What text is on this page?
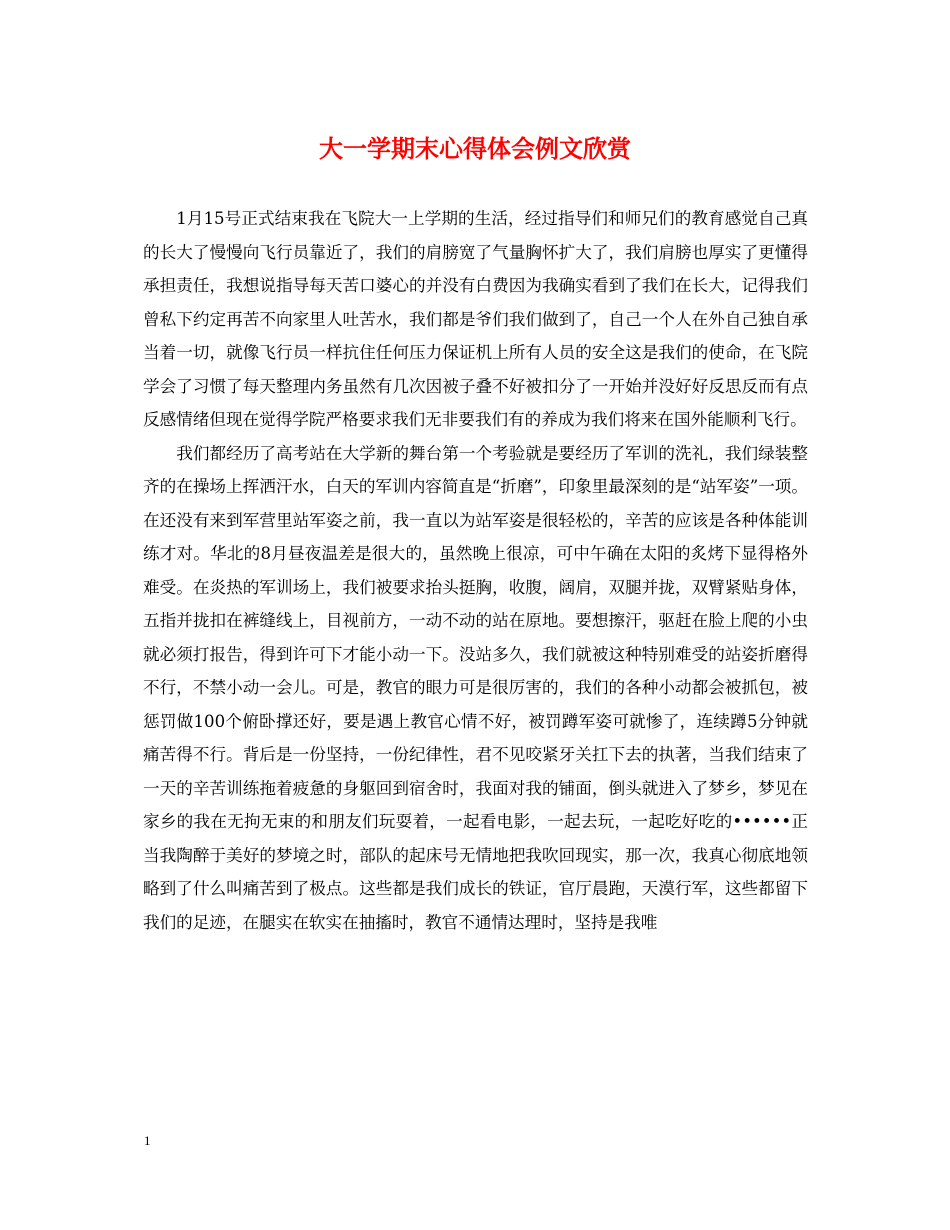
大一学期末心得体会例文欣赏

1月15号正式结束我在飞院大一上学期的生活，经过指导们和师兄们的教育感觉自己真的长大了慢慢向飞行员靠近了，我们的肩膀宽了气量胸怀扩大了，我们肩膀也厚实了更懂得承担责任，我想说指导每天苦口婆心的并没有白费因为我确实看到了我们在长大，记得我们曾私下约定再苦不向家里人吐苦水，我们都是爷们我们做到了，自己一个人在外自己独自承当着一切，就像飞行员一样抗住任何压力保证机上所有人员的安全这是我们的使命，在飞院学会了习惯了每天整理内务虽然有几次因被子叠不好被扣分了一开始并没好好反思反而有点反感情绪但现在觉得学院严格要求我们无非要我们有的养成为我们将来在国外能顺利飞行。

我们都经历了高考站在大学新的舞台第一个考验就是要经历了军训的洗礼，我们绿装整齐的在操场上挥洒汗水，白天的军训内容简直是“折磨”，印象里最深刻的是“站军姿”一项。在还没有来到军营里站军姿之前，我一直以为站军姿是很轻松的，辛苦的应该是各种体能训练才对。华北的8月昼夜温差是很大的，虽然晚上很凉，可中午确在太阳的炙烤下显得格外难受。在炎热的军训场上，我们被要求抬头挺胸，收腹，阔肩，双腿并拢，双臂紧贴身体，五指并拢扣在裤缝线上，目视前方，一动不动的站在原地。要想擦汗，驱赶在脸上爬的小虫就必须打报告，得到许可下才能小动一下。没站多久，我们就被这种特别难受的站姿折磨得不行，不禁小动一会儿。可是，教官的眼力可是很厉害的，我们的各种小动都会被抓包，被惩罚做100个俯卧撑还好，要是遇上教官心情不好，被罚蹲军姿可就惨了，连续蹲5分钟就痛苦得不行。背后是一份坚持，一份纪律性，君不见咬紧牙关扛下去的执著，当我们结束了一天的辛苦训练拖着疲惫的身躯回到宿舍时，我面对我的铺面，倒头就进入了梦乡，梦见在家乡的我在无拘无束的和朋友们玩耍着，一起看电影，一起去玩，一起吃好吃的••••••正当我陶醉于美好的梦境之时，部队的起床号无情地把我吹回现实，那一次，我真心彻底地领略到了什么叫痛苦到了极点。这些都是我们成长的铁证，官厅晨跑，天漠行军，这些都留下我们的足迹，在腿实在软实在抽搐时，教官不通情达理时，坚持是我唯

1
